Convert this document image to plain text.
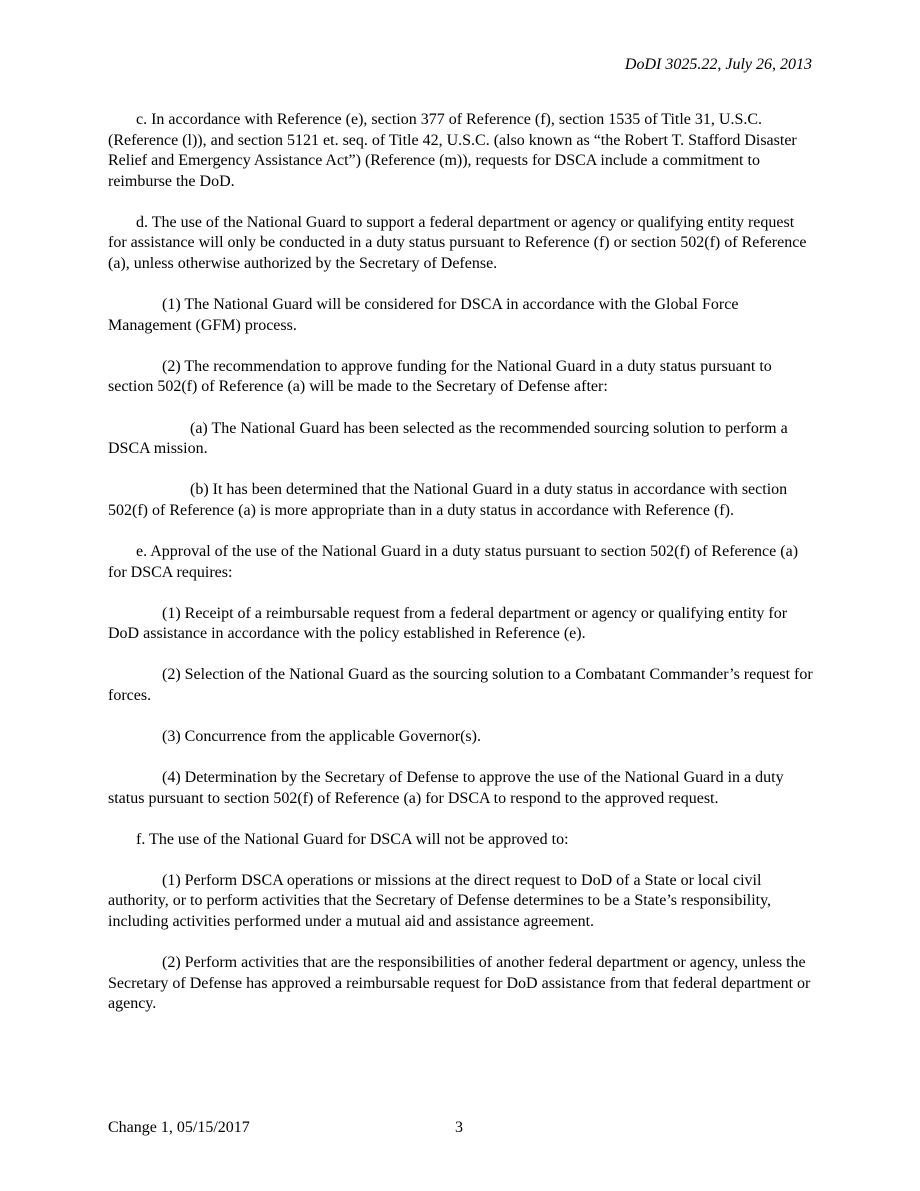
DoDI 3025.22, July 26, 2013

c. In accordance with Reference (e), section 377 of Reference (f), section 1535 of Title 31, U.S.C. (Reference (l)), and section 5121 et. seq. of Title 42, U.S.C. (also known as “the Robert T. Stafford Disaster Relief and Emergency Assistance Act”) (Reference (m)), requests for DSCA include a commitment to reimburse the DoD.

d. The use of the National Guard to support a federal department or agency or qualifying entity request for assistance will only be conducted in a duty status pursuant to Reference (f) or section 502(f) of Reference (a), unless otherwise authorized by the Secretary of Defense.

(1) The National Guard will be considered for DSCA in accordance with the Global Force Management (GFM) process.

(2) The recommendation to approve funding for the National Guard in a duty status pursuant to section 502(f) of Reference (a) will be made to the Secretary of Defense after:

(a) The National Guard has been selected as the recommended sourcing solution to perform a DSCA mission.

(b) It has been determined that the National Guard in a duty status in accordance with section 502(f) of Reference (a) is more appropriate than in a duty status in accordance with Reference (f).

e. Approval of the use of the National Guard in a duty status pursuant to section 502(f) of Reference (a) for DSCA requires:

(1) Receipt of a reimbursable request from a federal department or agency or qualifying entity for DoD assistance in accordance with the policy established in Reference (e).

(2) Selection of the National Guard as the sourcing solution to a Combatant Commander’s request for forces.

(3) Concurrence from the applicable Governor(s).

(4) Determination by the Secretary of Defense to approve the use of the National Guard in a duty status pursuant to section 502(f) of Reference (a) for DSCA to respond to the approved request.

f. The use of the National Guard for DSCA will not be approved to:

(1) Perform DSCA operations or missions at the direct request to DoD of a State or local civil authority, or to perform activities that the Secretary of Defense determines to be a State’s responsibility, including activities performed under a mutual aid and assistance agreement.

(2) Perform activities that are the responsibilities of another federal department or agency, unless the Secretary of Defense has approved a reimbursable request for DoD assistance from that federal department or agency.

Change 1, 05/15/2017	3
